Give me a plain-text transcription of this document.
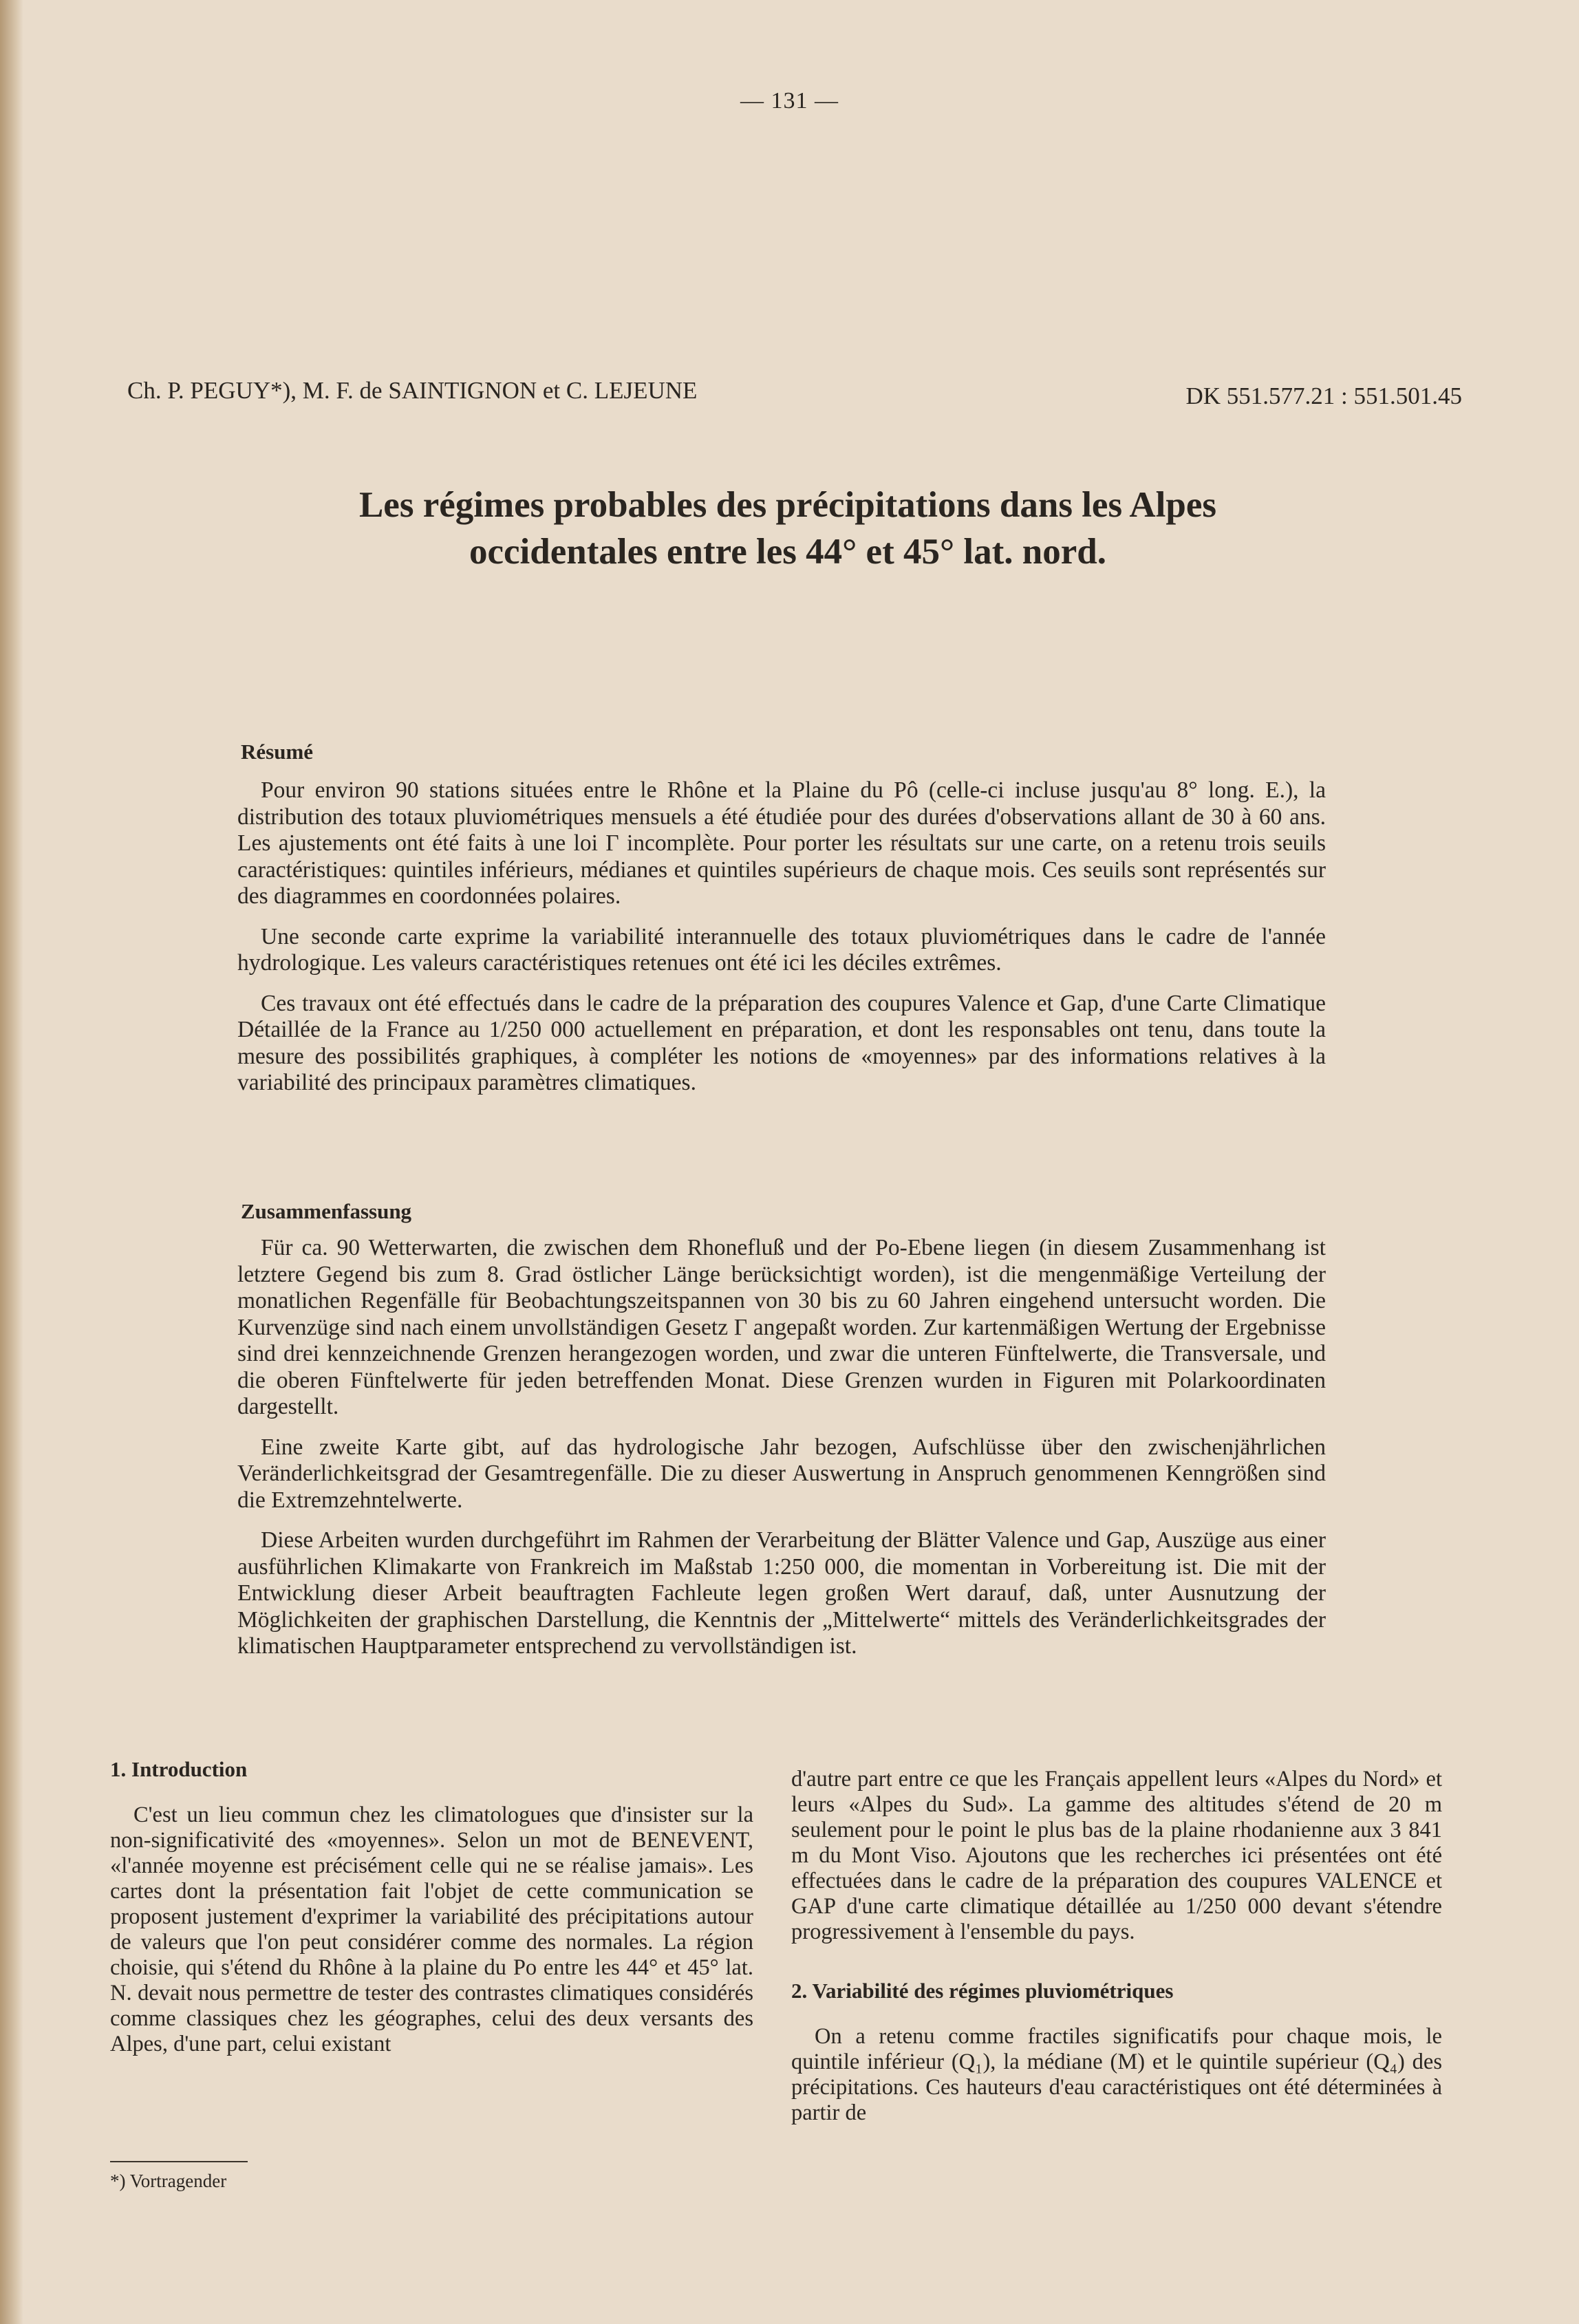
— 131 —
Ch. P. PEGUY*), M. F. de SAINTIGNON et C. LEJEUNE	DK 551.577.21 : 551.501.45
Les régimes probables des précipitations dans les Alpes
occidentales entre les 44° et 45° lat. nord.
Résumé

Pour environ 90 stations situées entre le Rhône et la Plaine du Pô (celle-ci incluse jusqu'au 8° long. E.), la distribution des totaux pluviométriques mensuels a été étudiée pour des durées d'observations allant de 30 à 60 ans. Les ajustements ont été faits à une loi Γ incomplète. Pour porter les résultats sur une carte, on a retenu trois seuils caractéristiques: quintiles inférieurs, médianes et quintiles supérieurs de chaque mois. Ces seuils sont représentés sur des diagrammes en coordonnées polaires.

Une seconde carte exprime la variabilité interannuelle des totaux pluviométriques dans le cadre de l'année hydrologique. Les valeurs caractéristiques retenues ont été ici les déciles extrêmes.

Ces travaux ont été effectués dans le cadre de la préparation des coupures Valence et Gap, d'une Carte Climatique Détaillée de la France au 1/250 000 actuellement en préparation, et dont les responsables ont tenu, dans toute la mesure des possibilités graphiques, à compléter les notions de «moyennes» par des informations relatives à la variabilité des principaux paramètres climatiques.

Zusammenfassung

Für ca. 90 Wetterwarten, die zwischen dem Rhonefluß und der Po-Ebene liegen (in diesem Zusammenhang ist letztere Gegend bis zum 8. Grad östlicher Länge berücksichtigt worden), ist die mengenmäßige Verteilung der monatlichen Regenfälle für Beobachtungszeitspannen von 30 bis zu 60 Jahren eingehend untersucht worden. Die Kurvenzüge sind nach einem unvollständigen Gesetz Γ angepaßt worden. Zur kartenmäßigen Wertung der Ergebnisse sind drei kennzeichnende Grenzen herangezogen worden, und zwar die unteren Fünftelwerte, die Transversale, und die oberen Fünftelwerte für jeden betreffenden Monat. Diese Grenzen wurden in Figuren mit Polarkoordinaten dargestellt.

Eine zweite Karte gibt, auf das hydrologische Jahr bezogen, Aufschlüsse über den zwischenjährlichen Veränderlichkeitsgrad der Gesamtregenfälle. Die zu dieser Auswertung in Anspruch genommenen Kenngrößen sind die Extremzehntelwerte.

Diese Arbeiten wurden durchgeführt im Rahmen der Verarbeitung der Blätter Valence und Gap, Auszüge aus einer ausführlichen Klimakarte von Frankreich im Maßstab 1:250 000, die momentan in Vorbereitung ist. Die mit der Entwicklung dieser Arbeit beauftragten Fachleute legen großen Wert darauf, daß, unter Ausnutzung der Möglichkeiten der graphischen Darstellung, die Kenntnis der „Mittelwerte“ mittels des Veränderlichkeitsgrades der klimatischen Hauptparameter entsprechend zu vervollständigen ist.

1. Introduction

C'est un lieu commun chez les climatologues que d'insister sur la non-significativité des «moyennes». Selon un mot de BENEVENT, «l'année moyenne est précisément celle qui ne se réalise jamais». Les cartes dont la présentation fait l'objet de cette communication se proposent justement d'exprimer la variabilité des précipitations autour de valeurs que l'on peut considérer comme des normales. La région choisie, qui s'étend du Rhône à la plaine du Po entre les 44° et 45° lat. N. devait nous permettre de tester des contrastes climatiques considérés comme classiques chez les géographes, celui des deux versants des Alpes, d'une part, celui existant

d'autre part entre ce que les Français appellent leurs «Alpes du Nord» et leurs «Alpes du Sud». La gamme des altitudes s'étend de 20 m seulement pour le point le plus bas de la plaine rhodanienne aux 3 841 m du Mont Viso. Ajoutons que les recherches ici présentées ont été effectuées dans le cadre de la préparation des coupures VALENCE et GAP d'une carte climatique détaillée au 1/250 000 devant s'étendre progressivement à l'ensemble du pays.

2. Variabilité des régimes pluviométriques

On a retenu comme fractiles significatifs pour chaque mois, le quintile inférieur (Q₁), la médiane (M) et le quintile supérieur (Q₄) des précipitations. Ces hauteurs d'eau caractéristiques ont été déterminées à partir de

*) Vortragender
